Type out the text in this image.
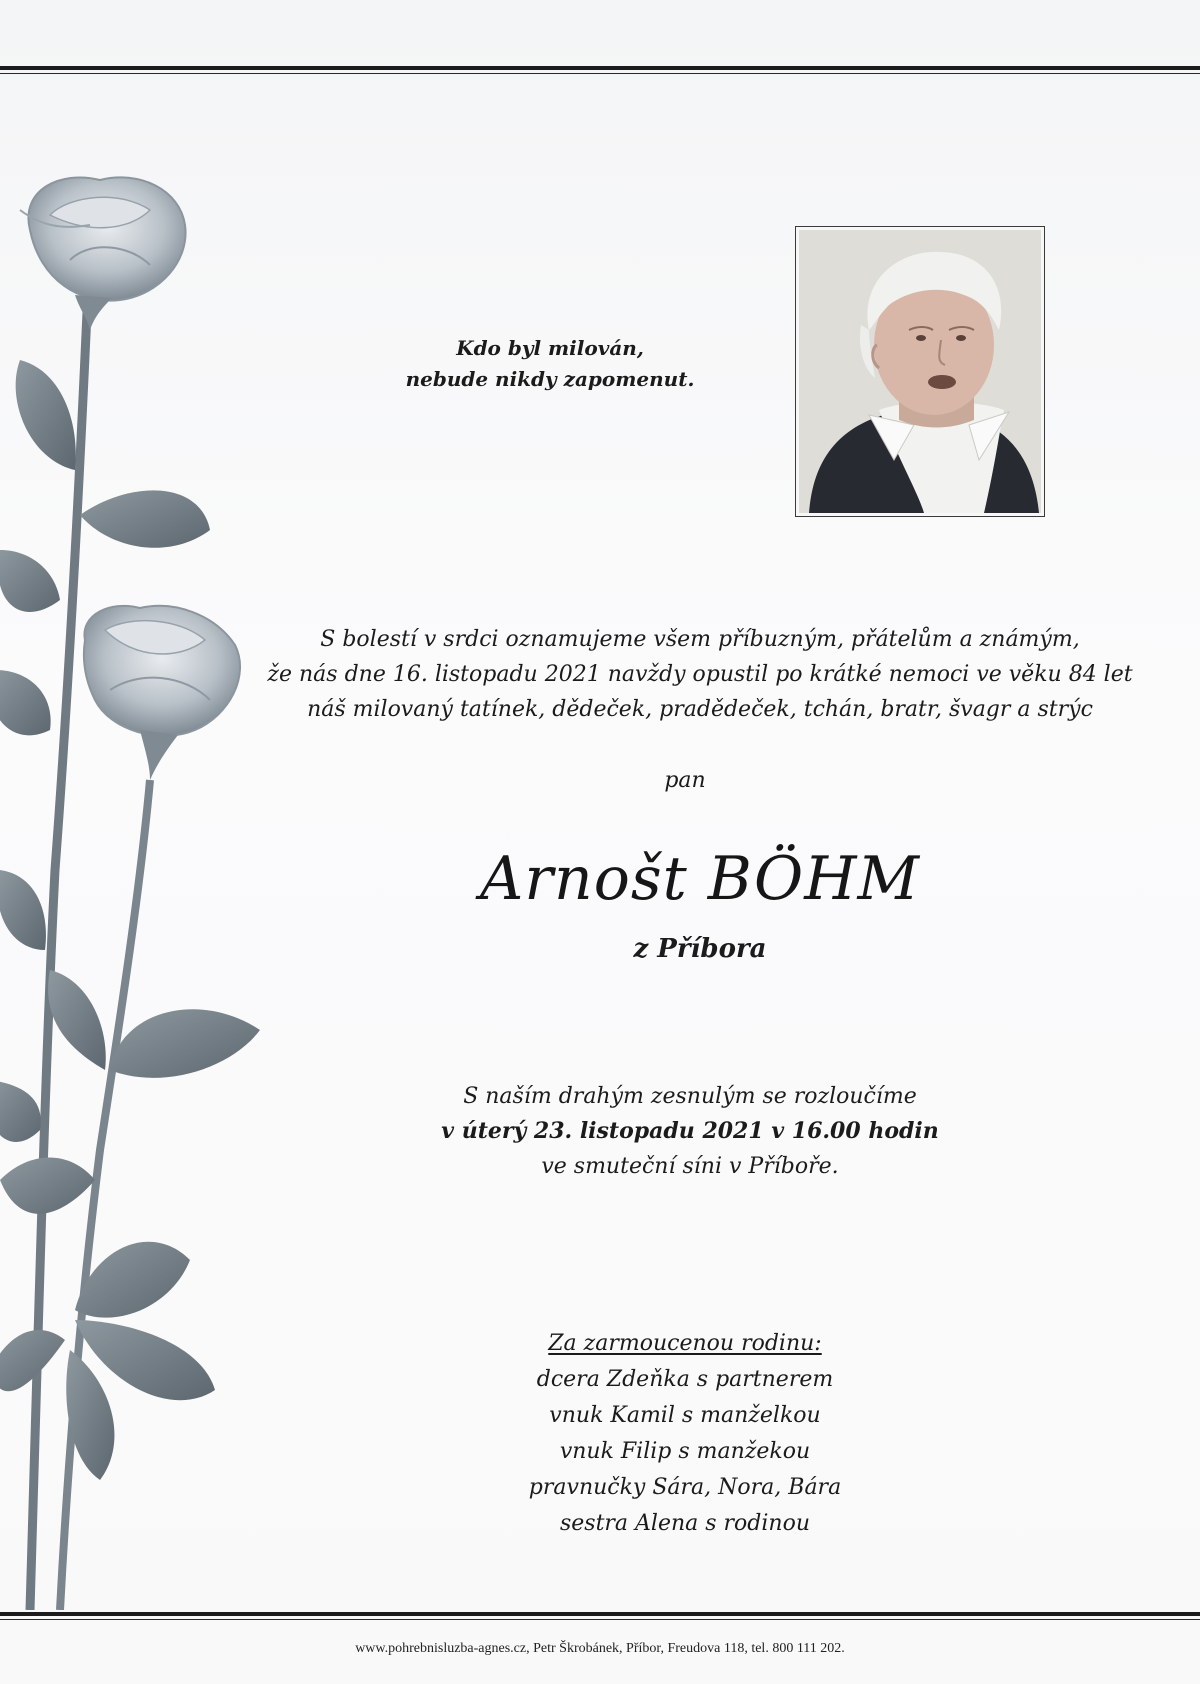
Kdo byl milován,
nebude nikdy zapomenut.
S bolestí v srdci oznamujeme všem příbuzným, přátelům a známým,
že nás dne 16. listopadu 2021 navždy opustil po krátké nemoci ve věku 84 let
náš milovaný tatínek, dědeček, pradědeček, tchán, bratr, švagr a strýc
pan
Arnošt BÖHM
z Příbora
S naším drahým zesnulým se rozloučíme
v úterý 23. listopadu 2021 v 16.00 hodin
ve smuteční síni v Příboře.
Za zarmoucenou rodinu:
dcera Zdeňka s partnerem
vnuk Kamil s manželkou
vnuk Filip s manžekou
pravnučky Sára, Nora, Bára
sestra Alena s rodinou
www.pohrebnisluzba-agnes.cz, Petr Škrobánek, Příbor, Freudova 118, tel. 800 111 202.
